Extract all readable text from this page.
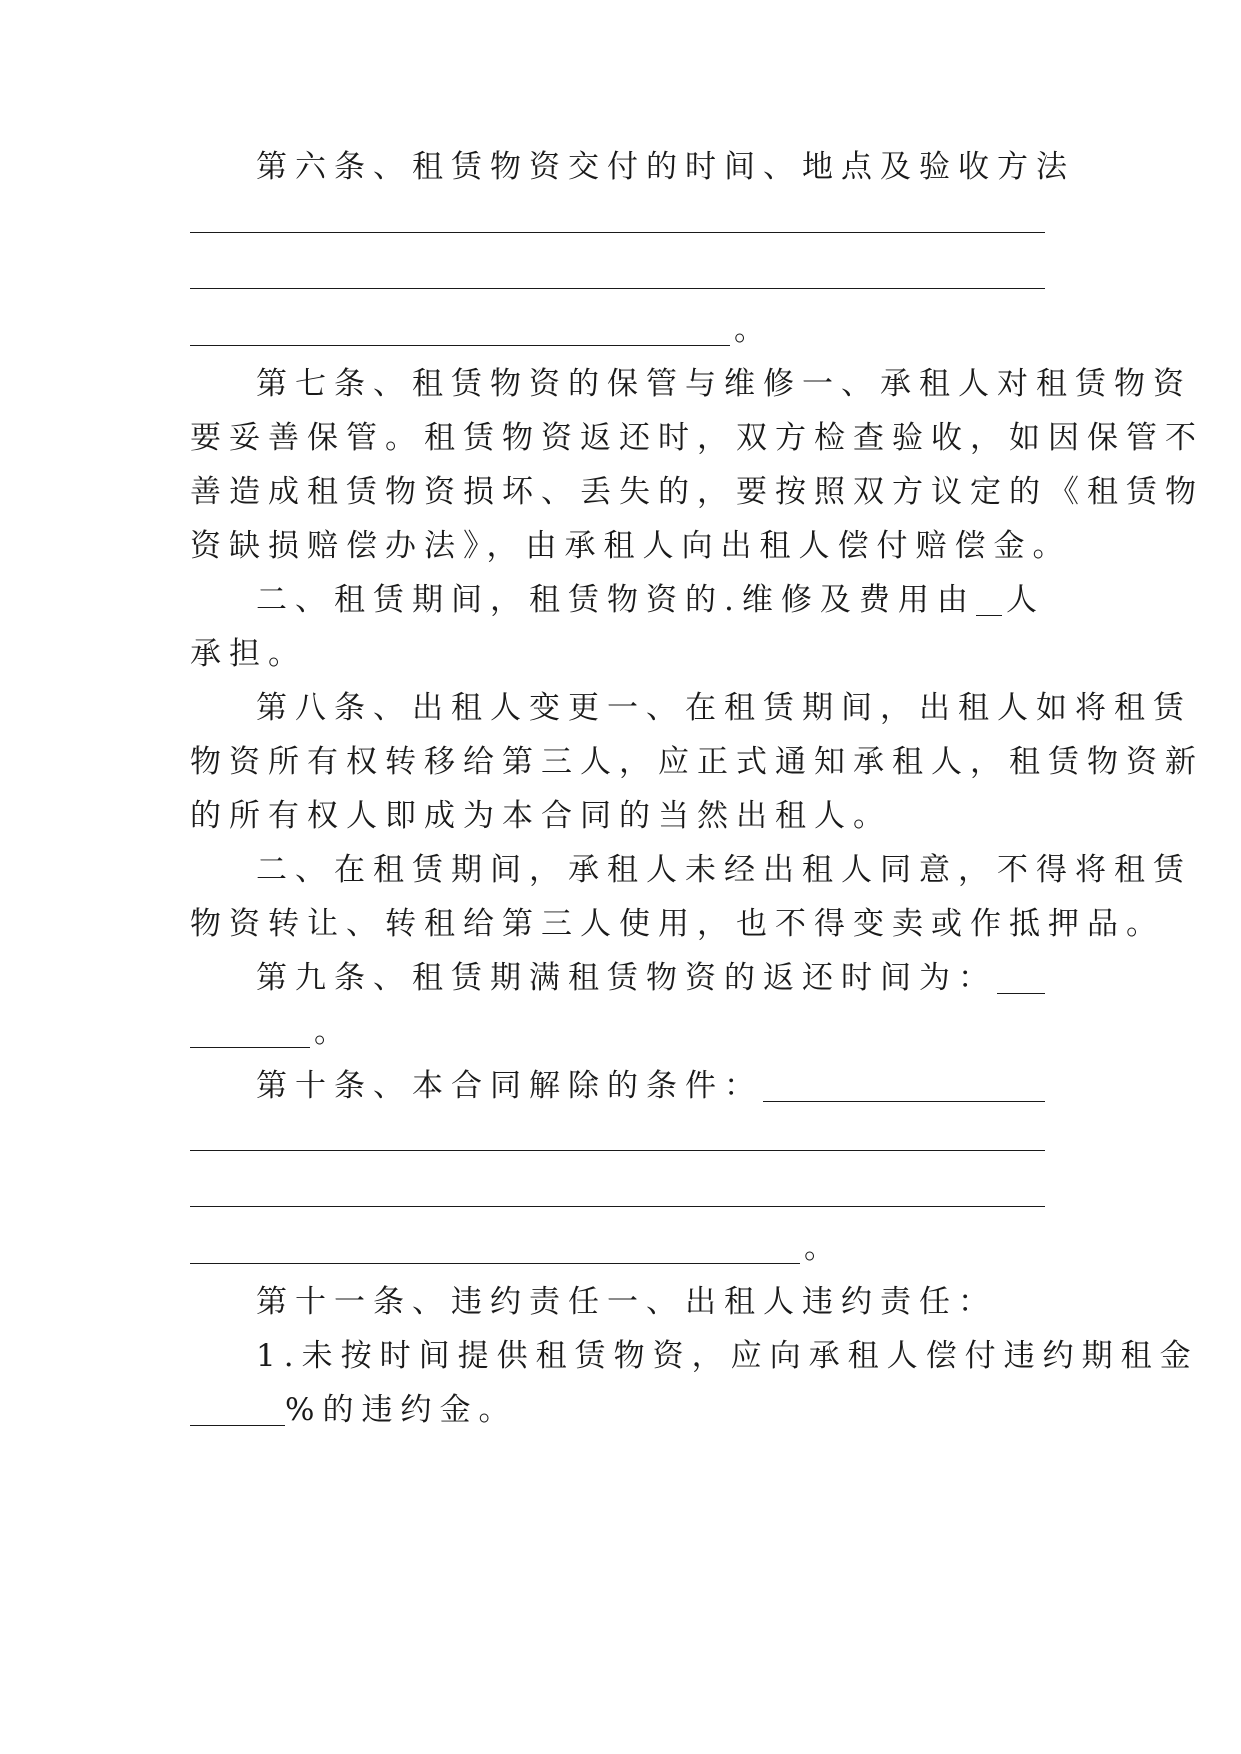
第六条、租赁物资交付的时间、地点及验收方法
。
第七条、租赁物资的保管与维修一、承租人对租赁物资
要妥善保管。租赁物资返还时，双方检查验收，如因保管不
善造成租赁物资损坏、丢失的，要按照双方议定的《租赁物
资缺损赔偿办法》，由承租人向出租人偿付赔偿金。
二、租赁期间，租赁物资的.维修及费用由 人
承担。
第八条、出租人变更一、在租赁期间，出租人如将租赁
物资所有权转移给第三人，应正式通知承租人，租赁物资新
的所有权人即成为本合同的当然出租人。
二、在租赁期间，承租人未经出租人同意，不得将租赁
物资转让、转租给第三人使用，也不得变卖或作抵押品。
第九条、租赁期满租赁物资的返还时间为：
。
第十条、本合同解除的条件：
。
第十一条、违约责任一、出租人违约责任：
1.未按时间提供租赁物资，应向承租人偿付违约期租金
%的违约金。
